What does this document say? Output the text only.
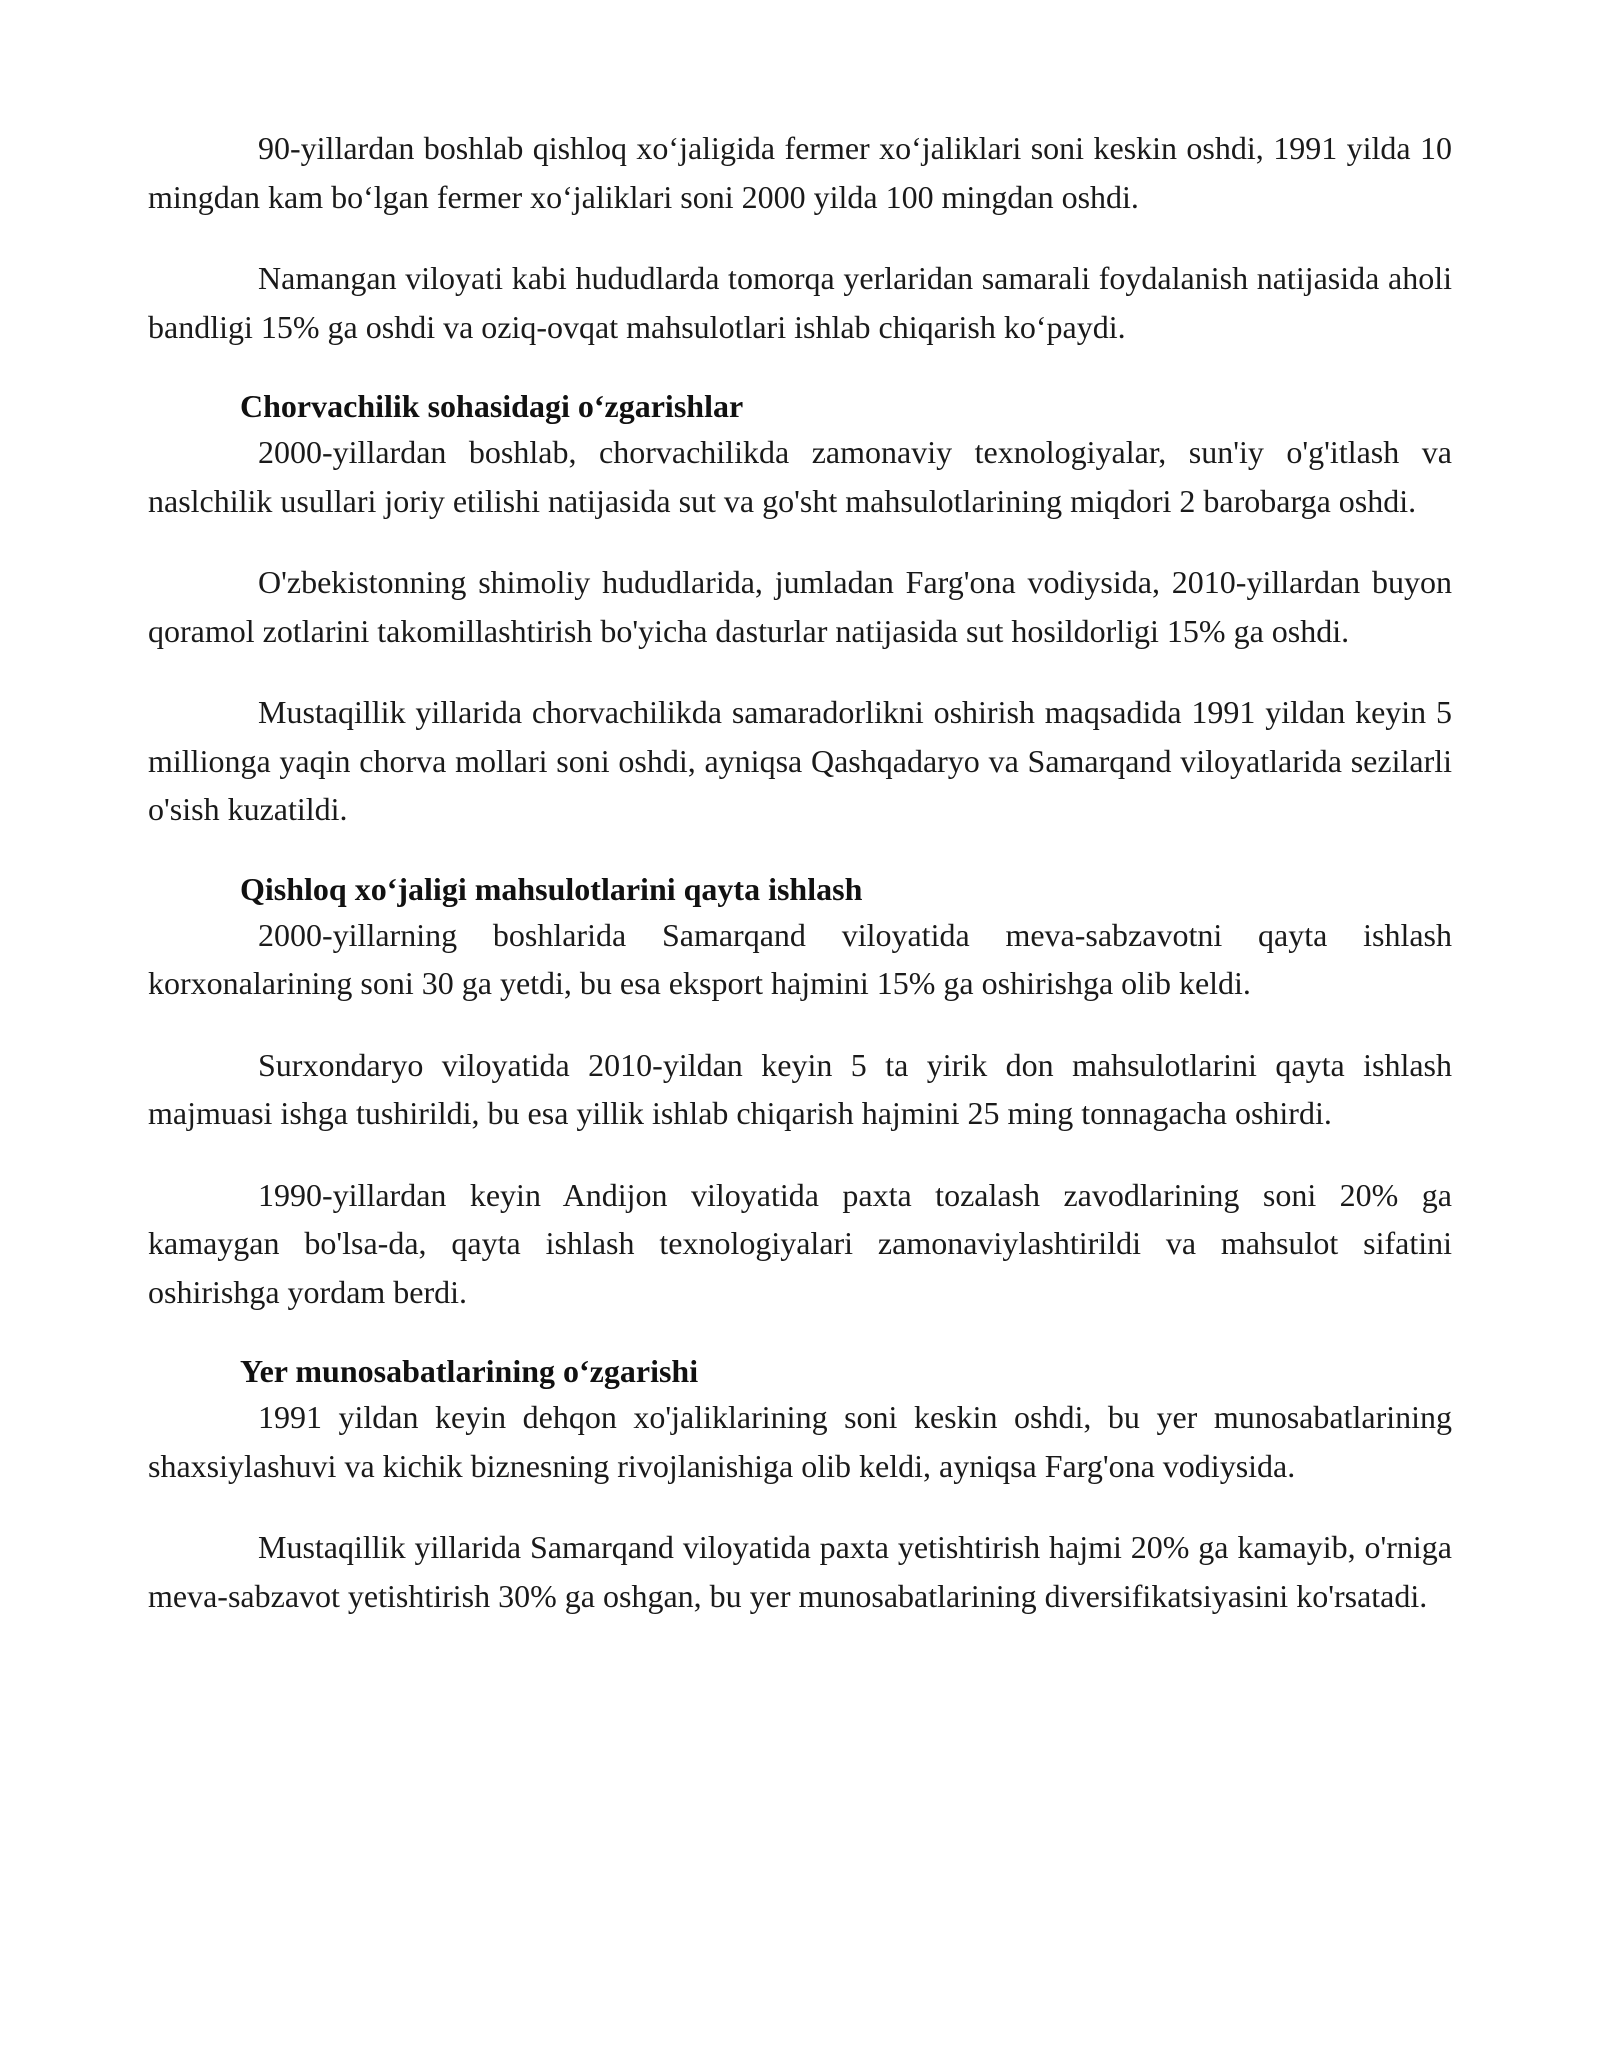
90-yillardan boshlab qishloq xoʻjaligida fermer xoʻjaliklari soni keskin oshdi, 1991 yilda 10 mingdan kam boʻlgan fermer xoʻjaliklari soni 2000 yilda 100 mingdan oshdi.

Namangan viloyati kabi hududlarda tomorqa yerlaridan samarali foydalanish natijasida aholi bandligi 15% ga oshdi va oziq-ovqat mahsulotlari ishlab chiqarish koʻpaydi.

Chorvachilik sohasidagi oʻzgarishlar

2000-yillardan boshlab, chorvachilikda zamonaviy texnologiyalar, sun'iy o'g'itlash va naslchilik usullari joriy etilishi natijasida sut va go'sht mahsulotlarining miqdori 2 barobarga oshdi.

O'zbekistonning shimoliy hududlarida, jumladan Farg'ona vodiysida, 2010-yillardan buyon qoramol zotlarini takomillashtirish bo'yicha dasturlar natijasida sut hosildorligi 15% ga oshdi.

Mustaqillik yillarida chorvachilikda samaradorlikni oshirish maqsadida 1991 yildan keyin 5 millionga yaqin chorva mollari soni oshdi, ayniqsa Qashqadaryo va Samarqand viloyatlarida sezilarli o'sish kuzatildi.

Qishloq xoʻjaligi mahsulotlarini qayta ishlash

2000-yillarning boshlarida Samarqand viloyatida meva-sabzavotni qayta ishlash korxonalarining soni 30 ga yetdi, bu esa eksport hajmini 15% ga oshirishga olib keldi.

Surxondaryo viloyatida 2010-yildan keyin 5 ta yirik don mahsulotlarini qayta ishlash majmuasi ishga tushirildi, bu esa yillik ishlab chiqarish hajmini 25 ming tonnagacha oshirdi.

1990-yillardan keyin Andijon viloyatida paxta tozalash zavodlarining soni 20% ga kamaygan bo'lsa-da, qayta ishlash texnologiyalari zamonaviylashtirildi va mahsulot sifatini oshirishga yordam berdi.

Yer munosabatlarining oʻzgarishi

1991 yildan keyin dehqon xo'jaliklarining soni keskin oshdi, bu yer munosabatlarining shaxsiylashuvi va kichik biznesning rivojlanishiga olib keldi, ayniqsa Farg'ona vodiysida.

Mustaqillik yillarida Samarqand viloyatida paxta yetishtirish hajmi 20% ga kamayib, o'rniga meva-sabzavot yetishtirish 30% ga oshgan, bu yer munosabatlarining diversifikatsiyasini ko'rsatadi.
